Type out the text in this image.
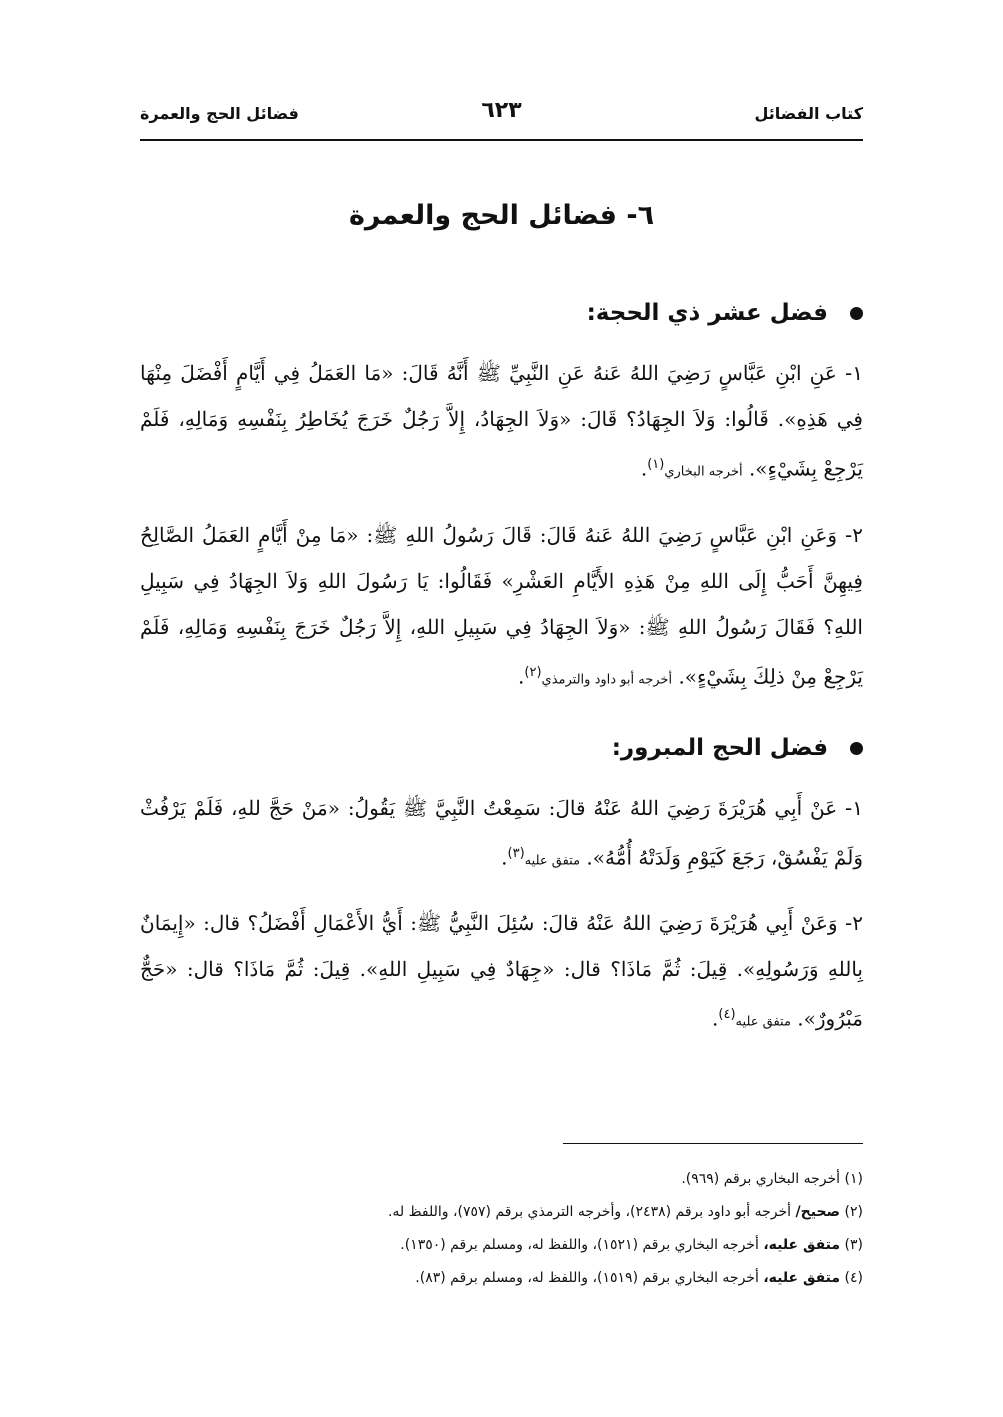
كتاب الفضائل
٦٢٣
فضائل الحج والعمرة
٦- فضائل الحج والعمرة
فضل عشر ذي الحجة:
١- عَنِ ابْنِ عَبَّاسٍ رَضِيَ اللهُ عَنهُ عَنِ النَّبِيِّ ﷺ أَنَّهُ قَالَ: «مَا العَمَلُ فِي أَيَّامٍ أَفْضَلَ مِنْهَا فِي هَذِهِ». قَالُوا: وَلاَ الجِهَادُ؟ قَالَ: «وَلاَ الجِهَادُ، إِلاَّ رَجُلٌ خَرَجَ يُخَاطِرُ بِنَفْسِهِ وَمَالِهِ، فَلَمْ يَرْجِعْ بِشَيْءٍ». أخرجه البخاري$^{(١)}$.
٢- وَعَنِ ابْنِ عَبَّاسٍ رَضِيَ اللهُ عَنهُ قَالَ: قَالَ رَسُولُ اللهِ ﷺ: «مَا مِنْ أَيَّامٍ العَمَلُ الصَّالِحُ فِيهِنَّ أَحَبُّ إِلَى اللهِ مِنْ هَذِهِ الأَيَّامِ العَشْرِ» فَقَالُوا: يَا رَسُولَ اللهِ وَلاَ الجِهَادُ فِي سَبِيلِ اللهِ؟ فَقَالَ رَسُولُ اللهِ ﷺ: «وَلاَ الجِهَادُ فِي سَبِيلِ اللهِ، إِلاَّ رَجُلٌ خَرَجَ بِنَفْسِهِ وَمَالِهِ، فَلَمْ يَرْجِعْ مِنْ ذلِكَ بِشَيْءٍ». أخرجه أبو داود والترمذي$^{(٢)}$.
فضل الحج المبرور:
١- عَنْ أَبِي هُرَيْرَةَ رَضِيَ اللهُ عَنْهُ قالَ: سَمِعْتُ النَّبِيَّ ﷺ يَقُولُ: «مَنْ حَجَّ للهِ، فَلَمْ يَرْفُثْ وَلَمْ يَفْسُقْ، رَجَعَ كَيَوْمِ وَلَدَتْهُ أُمُّهُ». متفق عليه$^{(٣)}$.
٢- وَعَنْ أَبِي هُرَيْرَةَ رَضِيَ اللهُ عَنْهُ قالَ: سُئِلَ النَّبِيُّ ﷺ: أَيُّ الأَعْمَالِ أَفْضَلُ؟ قال: «إِيمَانٌ بِاللهِ وَرَسُولِهِ». قِيلَ: ثُمَّ مَاذَا؟ قال: «جِهَادٌ فِي سَبِيلِ اللهِ». قِيلَ: ثُمَّ مَاذَا؟ قال: «حَجٌّ مَبْرُورٌ». متفق عليه$^{(٤)}$.
(١) أخرجه البخاري برقم (٩٦٩).
(٢) صحيح/ أخرجه أبو داود برقم (٢٤٣٨)، وأخرجه الترمذي برقم (٧٥٧)، واللفظ له.
(٣) متفق عليه، أخرجه البخاري برقم (١٥٢١)، واللفظ له، ومسلم برقم (١٣٥٠).
(٤) متفق عليه، أخرجه البخاري برقم (١٥١٩)، واللفظ له، ومسلم برقم (٨٣).
